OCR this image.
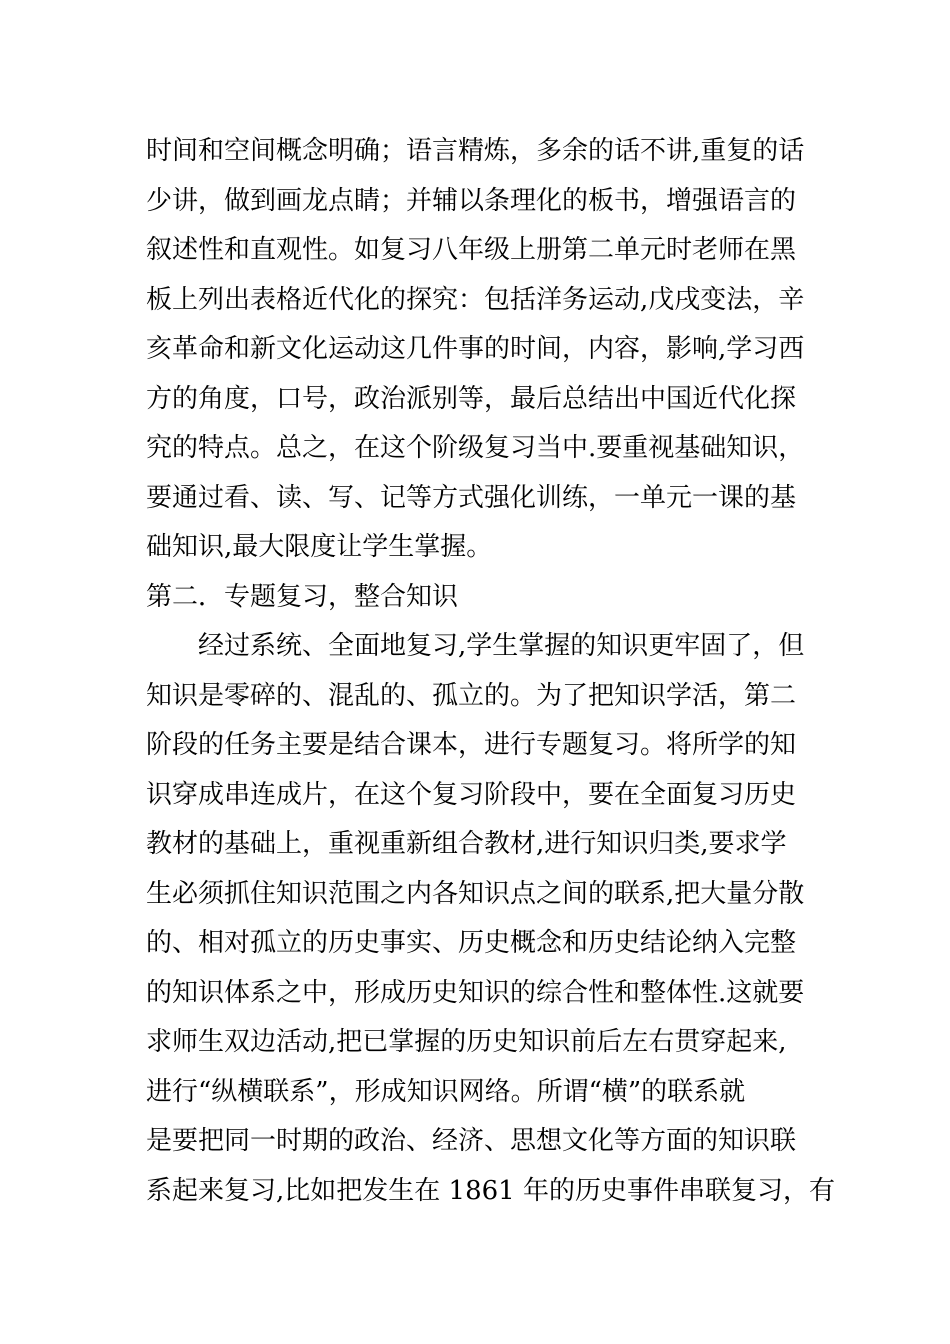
时间和空间概念明确；语言精炼，多余的话不讲,重复的话
少讲，做到画龙点睛；并辅以条理化的板书，增强语言的
叙述性和直观性。如复习八年级上册第二单元时老师在黑
板上列出表格近代化的探究：包括洋务运动,戊戌变法，辛
亥革命和新文化运动这几件事的时间，内容，影响,学习西
方的角度，口号，政治派别等，最后总结出中国近代化探
究的特点。总之，在这个阶级复习当中.要重视基础知识，
要通过看、读、写、记等方式强化训练，一单元一课的基
础知识,最大限度让学生掌握。
第二．专题复习，整合知识
经过系统、全面地复习,学生掌握的知识更牢固了，但
知识是零碎的、混乱的、孤立的。为了把知识学活，第二
阶段的任务主要是结合课本，进行专题复习。将所学的知
识穿成串连成片，在这个复习阶段中，要在全面复习历史
教材的基础上，重视重新组合教材,进行知识归类,要求学
生必须抓住知识范围之内各知识点之间的联系,把大量分散
的、相对孤立的历史事实、历史概念和历史结论纳入完整
的知识体系之中，形成历史知识的综合性和整体性.这就要
求师生双边活动,把已掌握的历史知识前后左右贯穿起来,
进行“纵横联系”，形成知识网络。所谓“横”的联系就
是要把同一时期的政治、经济、思想文化等方面的知识联
系起来复习,比如把发生在 1861 年的历史事件串联复习，有
